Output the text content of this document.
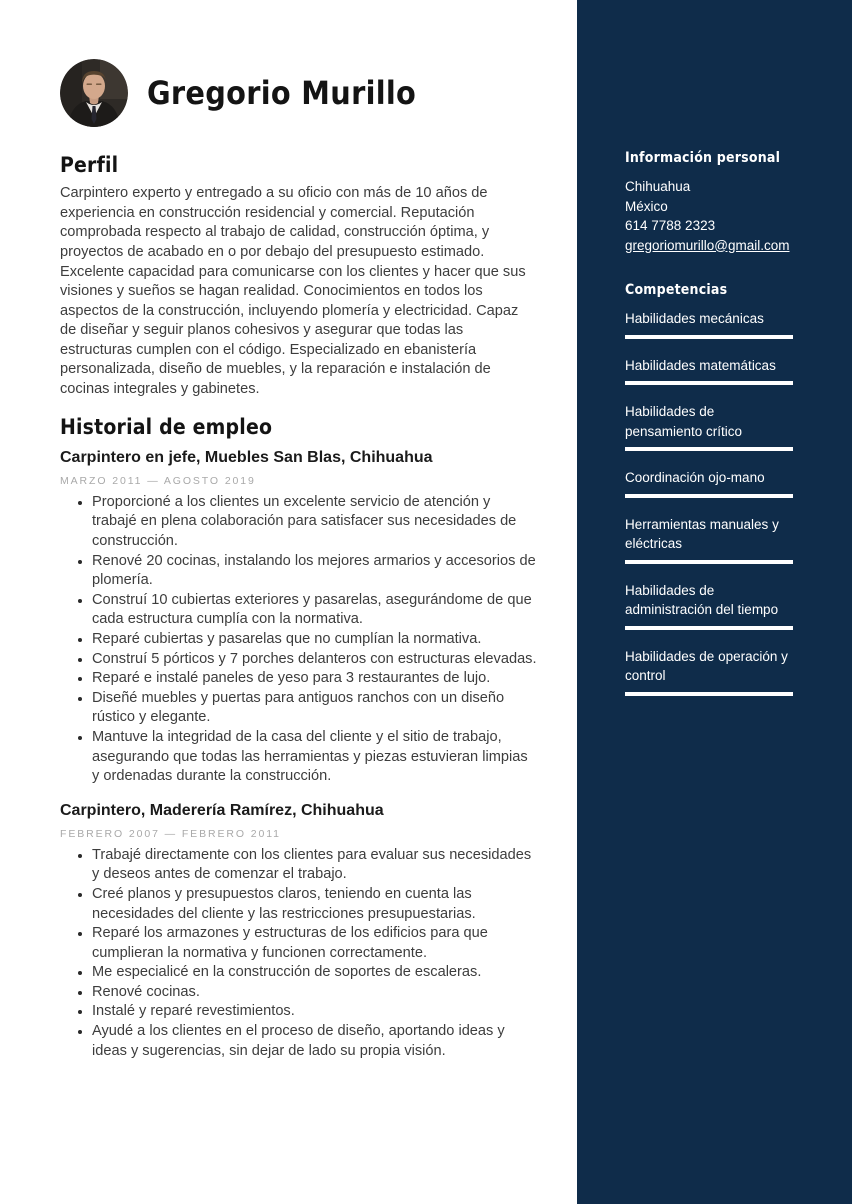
Gregorio Murillo
Perfil

Carpintero experto y entregado a su oficio con más de 10 años de experiencia en construcción residencial y comercial. Reputación comprobada respecto al trabajo de calidad, construcción óptima, y proyectos de acabado en o por debajo del presupuesto estimado. Excelente capacidad para comunicarse con los clientes y hacer que sus visiones y sueños se hagan realidad. Conocimientos en todos los aspectos de la construcción, incluyendo plomería y electricidad. Capaz de diseñar y seguir planos cohesivos y asegurar que todas las estructuras cumplen con el código. Especializado en ebanistería personalizada, diseño de muebles, y la reparación e instalación de cocinas integrales y gabinetes.

Historial de empleo
Carpintero en jefe, Muebles San Blas, Chihuahua
MARZO 2011 — AGOSTO 2019
• Proporcioné a los clientes un excelente servicio de atención y trabajé en plena colaboración para satisfacer sus necesidades de construcción.
• Renové 20 cocinas, instalando los mejores armarios y accesorios de plomería.
• Construí 10 cubiertas exteriores y pasarelas, asegurándome de que cada estructura cumplía con la normativa.
• Reparé cubiertas y pasarelas que no cumplían la normativa.
• Construí 5 pórticos y 7 porches delanteros con estructuras elevadas.
• Reparé e instalé paneles de yeso para 3 restaurantes de lujo.
• Diseñé muebles y puertas para antiguos ranchos con un diseño rústico y elegante.
• Mantuve la integridad de la casa del cliente y el sitio de trabajo, asegurando que todas las herramientas y piezas estuvieran limpias y ordenadas durante la construcción.
Carpintero, Maderería Ramírez, Chihuahua
FEBRERO 2007 — FEBRERO 2011
• Trabajé directamente con los clientes para evaluar sus necesidades y deseos antes de comenzar el trabajo.
• Creé planos y presupuestos claros, teniendo en cuenta las necesidades del cliente y las restricciones presupuestarias.
• Reparé los armazones y estructuras de los edificios para que cumplieran la normativa y funcionen correctamente.
• Me especialicé en la construcción de soportes de escaleras.
• Renové cocinas.
• Instalé y reparé revestimientos.
• Ayudé a los clientes en el proceso de diseño, aportando ideas y ideas y sugerencias, sin dejar de lado su propia visión.
Información personal
Chihuahua
México
614 7788 2323
gregoriomurillo@gmail.com
Competencias
Habilidades mecánicas
Habilidades matemáticas
Habilidades de pensamiento crítico
Coordinación ojo-mano
Herramientas manuales y eléctricas
Habilidades de administración del tiempo
Habilidades de operación y control
